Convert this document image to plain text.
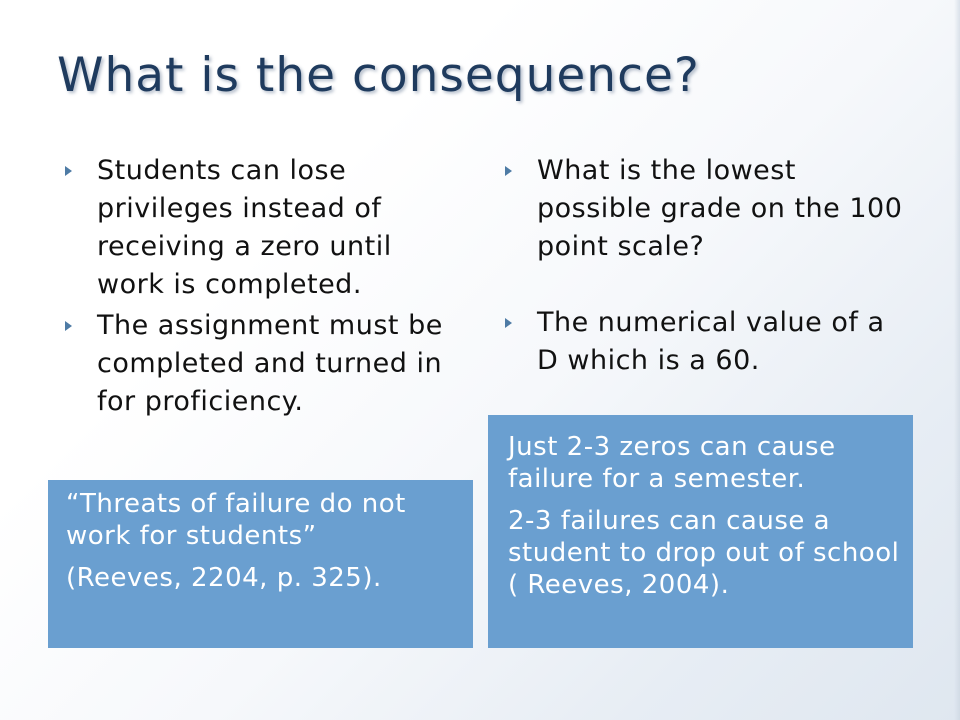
What is the consequence?
Students can lose privileges instead of receiving a zero until work is completed.
The assignment must be completed and turned in for proficiency.
What is the lowest possible grade on the 100 point scale?
The numerical value of a D which is a 60.

“Threats of failure do not work for students”

(Reeves, 2204, p. 325).

Just 2-3 zeros can cause failure for a semester.

2-3 failures can cause a student to drop out of school ( Reeves, 2004).
